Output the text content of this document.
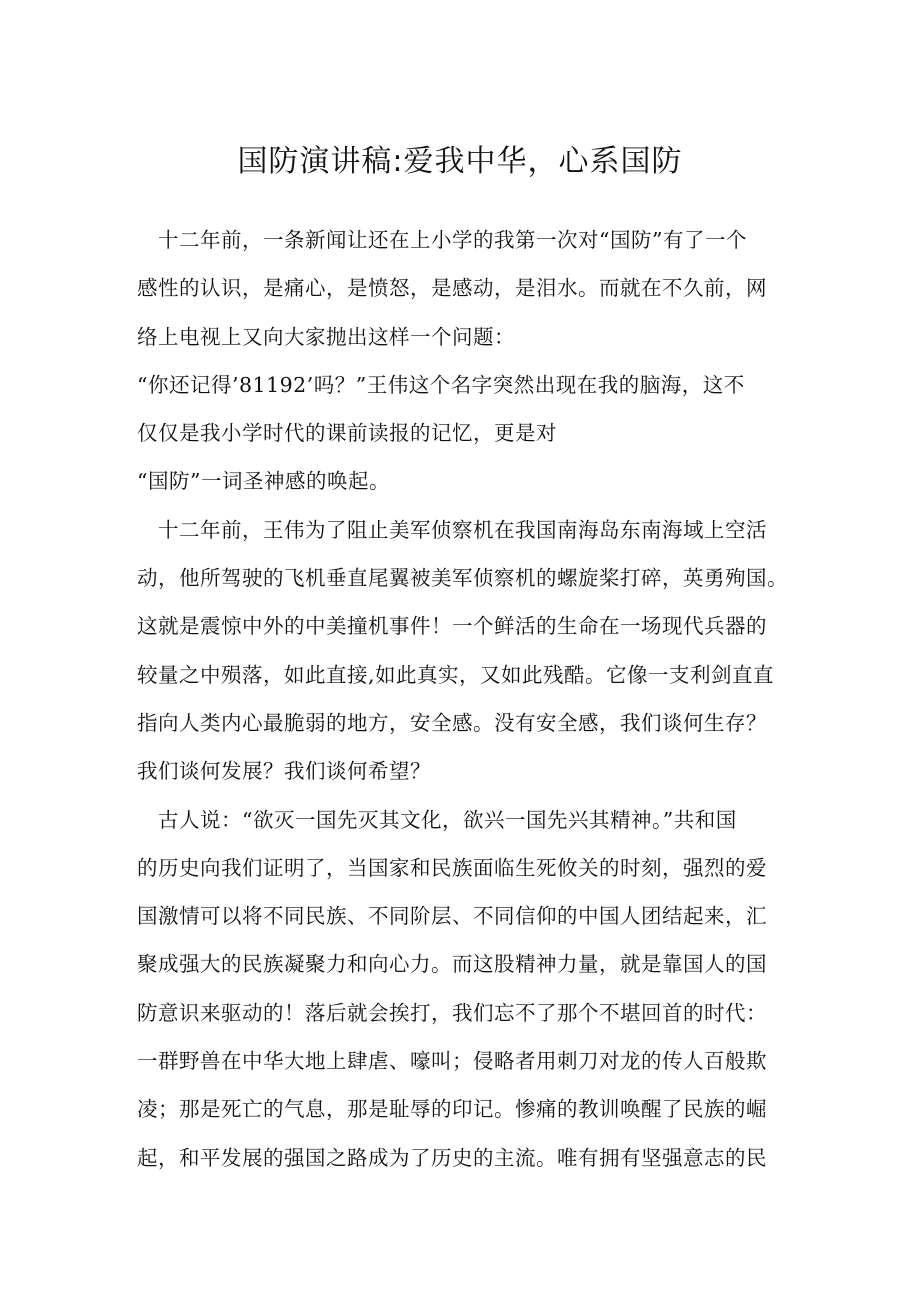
国防演讲稿:爱我中华，心系国防
　十二年前，一条新闻让还在上小学的我第一次对“国防”有了一个
感性的认识，是痛心，是愤怒，是感动，是泪水。而就在不久前，网
络上电视上又向大家抛出这样一个问题：
“你还记得’81192’吗？”王伟这个名字突然出现在我的脑海，这不
仅仅是我小学时代的课前读报的记忆，更是对
“国防”一词圣神感的唤起。
　十二年前，王伟为了阻止美军侦察机在我国南海岛东南海域上空活
动，他所驾驶的飞机垂直尾翼被美军侦察机的螺旋桨打碎，英勇殉国。
这就是震惊中外的中美撞机事件！一个鲜活的生命在一场现代兵器的
较量之中殒落，如此直接,如此真实，又如此残酷。它像一支利剑直直
指向人类内心最脆弱的地方，安全感。没有安全感，我们谈何生存？
我们谈何发展？我们谈何希望？
　古人说：“欲灭一国先灭其文化，欲兴一国先兴其精神。”共和国
的历史向我们证明了，当国家和民族面临生死攸关的时刻，强烈的爱
国激情可以将不同民族、不同阶层、不同信仰的中国人团结起来，汇
聚成强大的民族凝聚力和向心力。而这股精神力量，就是靠国人的国
防意识来驱动的！落后就会挨打，我们忘不了那个不堪回首的时代：
一群野兽在中华大地上肆虐、嚎叫；侵略者用刺刀对龙的传人百般欺
凌；那是死亡的气息，那是耻辱的印记。惨痛的教训唤醒了民族的崛
起，和平发展的强国之路成为了历史的主流。唯有拥有坚强意志的民
